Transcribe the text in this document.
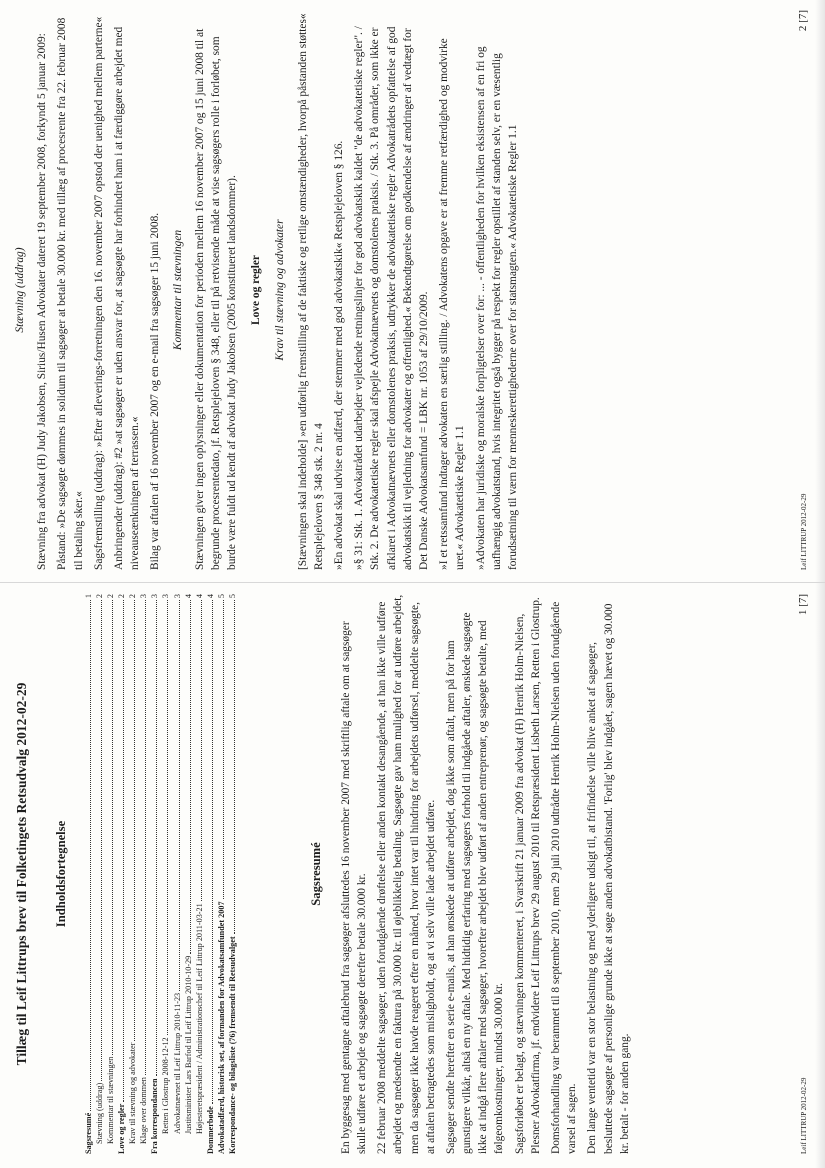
Stævning (uddrag) Stævning fra advokat (H) Judy Jakobsen, Sirius/Husen Advokater dateret 19 september 2008, forkyndt 5 januar 2009: Påstand: »De sagsøgte dømmes in solidum til sagsøger at betale 30.000 kr. med tillæg af procesrente fra 22. februar 2008 til betaling sker.« Sagsfremstilling (uddrag): »Efter afleverings-forretningen den 16. november 2007 opstod der uenighed mellem parterne« Anbringender (uddrag): #2 »at sagsøger er uden ansvar for, at sagsøgte har forhindret ham i at færdiggøre arbejdet med niveauseænkningen af terrassen.« Bilag var aftalen af 16 november 2007 og en e-mail fra sagsøger 15 juni 2008. Kommentar til stævningen Stævningen giver ingen oplysninger eller dokumentation for perioden mellem 16 november 2007 og 15 juni 2008 til at begrunde procesrentedato, jf. Retsplejeloven § 348, eller til på retvisende måde at vise sagsøgers rolle i forløbet, som burde være fuldt ud kendt af advokat Judy Jakobsen (2005 konstitueret landsdommer). Love og regler Krav til stævning og advokater [Stævningen skal indeholde] »en udførlig fremstilling af de faktiske og retlige omstændigheder, hvorpå påstanden støttes« Retsplejeloven § 348 stk. 2 nr. 4 »En advokat skal udvise en adfærd, der stemmer med god advokatskik« Retsplejeloven § 126. »§ 31: Stk. 1. Advokatrådet udarbejder vejledende retningslinjer for god advokatskik kaldet "de advokatetiske regler". / Stk. 2. De advokatetiske regler skal afspejle Advokatnævnets og domstolenes praksis. / Stk. 3. På områder, som ikke er afklaret i Advokatnævnets eller domstolenes praksis, udtrykker de advokatetiske regler Advokatrådets opfattelse af god advokatskik til vejledning for advokater og offentlighed.« Bekendtgørelse om godkendelse af ændringer af vedtægt for Det Danske Advokatsamfund = LBK nr. 1053 af 29/10/2009. »I et retssamfund indtager advokaten en særlig stilling. / Advokatens opgave er at fremme retfærdighed og modvirke uret.« Advokatetiske Regler 1.1 »Advokaten har juridiske og moralske forpligtelser over for: ... - offentligheden for hvilken eksistensen af en fri og uafhængig advokatstand, hvis integritet også bygger på respekt for regler opstillet af standen selv, er en væsentlig forudsætning til værn for menneskerettighederne over for statsmagten.« Advokatetiske Regler 1.1	Leif LITTRUP 2012-02-29
2 [7]
Tillæg til Leif Littrups brev til Folketingets Retsudvalg 2012-02-29 Indholdsfortegnelse
Sagsresumé
1
Stævning (uddrag)
2
Kommentar til stævningen
2
Love og regler
2
Krav til stævning og advokater
2
Klage over dommen
3
Fra korrespondancen
3
Retten i Glostrup 2008-12-12
3
Advokatnævnet til Leif Littrup 2010-11-23
3
Justitsminister Lars Barfod til Leif Littrup 2010-10-29
4
Højesteretspræsident / Administrationschef til Leif Littrup 2011-03-21
4
Dommerbøde
4
Advokatadfærd, historisk set, af formanden for Advokatsamfundet 2007
5
Korrespondance- og bilagsliste (76) fremsendt til Retsudvalget
5
Sagsresumé En byggesag med gentagne aftalebrud fra sagsøger afsluttedes 16 november 2007 med skriftlig aftale om at sagsøger skulle udføre et arbejde og sagsøgte derefter betale 30.000 kr. 22 februar 2008 meddelte sagsøger, uden forudgående drøftelse eller anden kontakt desangående, at han ikke ville udføre arbejdet og medsendte en faktura på 30.000 kr. til øjeblikkelig betaling. Sagsøgte gav ham mulighed for at udføre arbejdet, men da sagsøger ikke havde reageret efter en måned, hvor intet var til hindring for arbejdets udførsel, meddelte sagsøgte, at aftalen betragtedes som misligholdt, og at vi selv ville lade arbejdet udføre. Sagsøger sendte herefter en serie e-mails, at han ønskede at udføre arbejdet, dog ikke som aftalt, men på for ham gunstigere vilkår, altså en ny aftale. Med hidtidig erfaring med sagsøgers forhold til indgåede aftaler, ønskede sagsøgte ikke at indgå flere aftaler med sagsøger, hvorefter arbejdet blev udført af anden entreprenør, og sagsøgte betalte, med følgeomkostninger, mindst 30.000 kr. Sagsforløbet er belagt, og stævningen kommenteret, i Svarskrift 21 januar 2009 fra advokat (H) Henrik Holm-Nielsen, Plesner Advokatfirma, jf. endvidere Leif Littrups brev 29 august 2010 til Retspræsident Lisbeth Larsen, Retten i Glostrup. Domsforhandling var berammet til 8 september 2010, men 29 juli 2010 udtrådte Henrik Holm-Nielsen uden forudgående varsel af sagen. Den lange ventetid var en stor belastning og med yderligere udsigt til, at frifindelse ville blive anket af sagsøger, besluttede sagsøgte af personlige grunde ikke at søge anden advokatbistand. 'Forlig' blev indgået, sagen hævet og 30.000 kr. betalt - for anden gang.	Leif LITTRUP 2012-02-29
1 [7]
